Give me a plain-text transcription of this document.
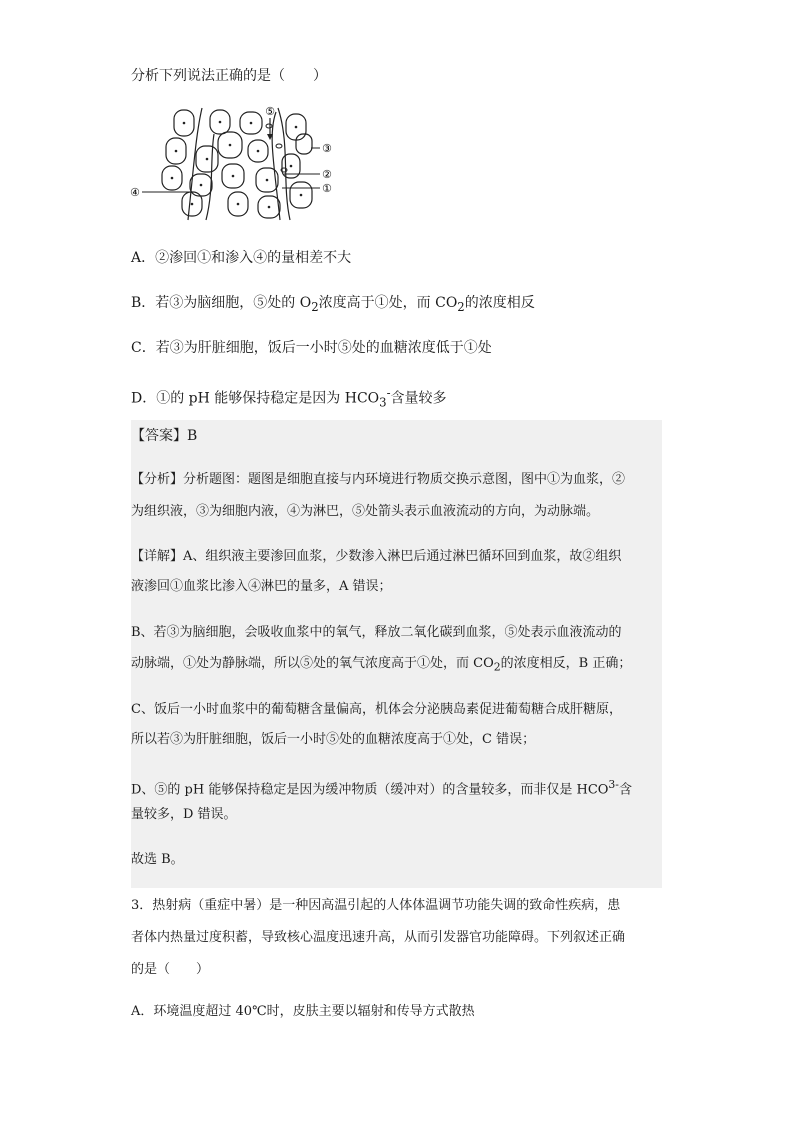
分析下列说法正确的是（　　）
⑤
③
②
①
④
A．②渗回①和渗入④的量相差不大
B．若③为脑细胞，⑤处的 $O_2$浓度高于①处，而 $CO_2$的浓度相反
C．若③为肝脏细胞，饭后一小时⑤处的血糖浓度低于①处
D．①的 pH 能够保持稳定是因为 $HCO_3^-$含量较多
【答案】B
【分析】分析题图：题图是细胞直接与内环境进行物质交换示意图，图中①为血浆，②
为组织液，③为细胞内液，④为淋巴，⑤处箭头表示血液流动的方向，为动脉端。
【详解】A、组织液主要渗回血浆，少数渗入淋巴后通过淋巴循环回到血浆，故②组织
液渗回①血浆比渗入④淋巴的量多，A 错误；
B、若③为脑细胞，会吸收血浆中的氧气，释放二氧化碳到血浆，⑤处表示血液流动的
动脉端，①处为静脉端，所以⑤处的氧气浓度高于①处，而 $CO_2$的浓度相反，B 正确；
C、饭后一小时血浆中的葡萄糖含量偏高，机体会分泌胰岛素促进葡萄糖合成肝糖原，
所以若③为肝脏细胞，饭后一小时⑤处的血糖浓度高于①处，C 错误；
D、⑤的 pH 能够保持稳定是因为缓冲物质（缓冲对）的含量较多，而非仅是 $HCO^{3-}$含
量较多，D 错误。
故选 B。
3．热射病（重症中暑）是一种因高温引起的人体体温调节功能失调的致命性疾病，患
者体内热量过度积蓄，导致核心温度迅速升高，从而引发器官功能障碍。下列叙述正确
的是（　　）
A．环境温度超过 40℃时，皮肤主要以辐射和传导方式散热
